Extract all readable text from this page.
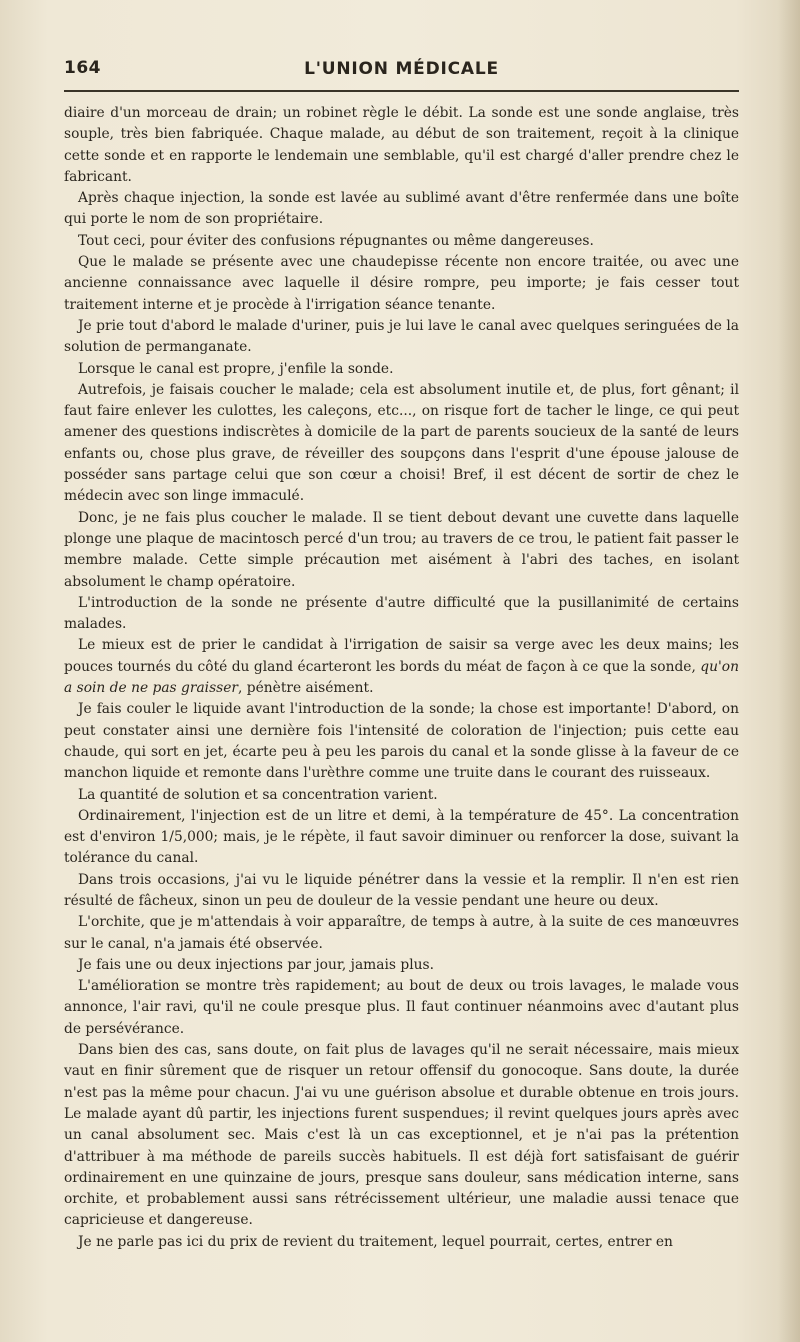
164	L'UNION MÉDICALE

diaire d'un morceau de drain; un robinet règle le débit. La sonde est une sonde anglaise, très souple, très bien fabriquée. Chaque malade, au début de son traitement, reçoit à la clinique cette sonde et en rapporte le lendemain une semblable, qu'il est chargé d'aller prendre chez le fabricant.

Après chaque injection, la sonde est lavée au sublimé avant d'être renfermée dans une boîte qui porte le nom de son propriétaire.

Tout ceci, pour éviter des confusions répugnantes ou même dangereuses.

Que le malade se présente avec une chaudepisse récente non encore traitée, ou avec une ancienne connaissance avec laquelle il désire rompre, peu importe; je fais cesser tout traitement interne et je procède à l'irrigation séance tenante.

Je prie tout d'abord le malade d'uriner, puis je lui lave le canal avec quelques seringuées de la solution de permanganate.

Lorsque le canal est propre, j'enfile la sonde.

Autrefois, je faisais coucher le malade; cela est absolument inutile et, de plus, fort gênant; il faut faire enlever les culottes, les caleçons, etc..., on risque fort de tacher le linge, ce qui peut amener des questions indiscrètes à domicile de la part de parents soucieux de la santé de leurs enfants ou, chose plus grave, de réveiller des soupçons dans l'esprit d'une épouse jalouse de posséder sans partage celui que son cœur a choisi! Bref, il est décent de sortir de chez le médecin avec son linge immaculé.

Donc, je ne fais plus coucher le malade. Il se tient debout devant une cuvette dans laquelle plonge une plaque de macintosch percé d'un trou; au travers de ce trou, le patient fait passer le membre malade. Cette simple précaution met aisément à l'abri des taches, en isolant absolument le champ opératoire.

L'introduction de la sonde ne présente d'autre difficulté que la pusillanimité de certains malades.

Le mieux est de prier le candidat à l'irrigation de saisir sa verge avec les deux mains; les pouces tournés du côté du gland écarteront les bords du méat de façon à ce que la sonde, qu'on a soin de ne pas graisser, pénètre aisément.

Je fais couler le liquide avant l'introduction de la sonde; la chose est importante! D'abord, on peut constater ainsi une dernière fois l'intensité de coloration de l'injection; puis cette eau chaude, qui sort en jet, écarte peu à peu les parois du canal et la sonde glisse à la faveur de ce manchon liquide et remonte dans l'urèthre comme une truite dans le courant des ruisseaux.

La quantité de solution et sa concentration varient.

Ordinairement, l'injection est de un litre et demi, à la température de 45°. La concentration est d'environ 1/5,000; mais, je le répète, il faut savoir diminuer ou renforcer la dose, suivant la tolérance du canal.

Dans trois occasions, j'ai vu le liquide pénétrer dans la vessie et la remplir. Il n'en est rien résulté de fâcheux, sinon un peu de douleur de la vessie pendant une heure ou deux.

L'orchite, que je m'attendais à voir apparaître, de temps à autre, à la suite de ces manœuvres sur le canal, n'a jamais été observée.

Je fais une ou deux injections par jour, jamais plus.

L'amélioration se montre très rapidement; au bout de deux ou trois lavages, le malade vous annonce, l'air ravi, qu'il ne coule presque plus. Il faut continuer néanmoins avec d'autant plus de persévérance.

Dans bien des cas, sans doute, on fait plus de lavages qu'il ne serait nécessaire, mais mieux vaut en finir sûrement que de risquer un retour offensif du gonocoque. Sans doute, la durée n'est pas la même pour chacun. J'ai vu une guérison absolue et durable obtenue en trois jours. Le malade ayant dû partir, les injections furent suspendues; il revint quelques jours après avec un canal absolument sec. Mais c'est là un cas exceptionnel, et je n'ai pas la prétention d'attribuer à ma méthode de pareils succès habituels. Il est déjà fort satisfaisant de guérir ordinairement en une quinzaine de jours, presque sans douleur, sans médication interne, sans orchite, et probablement aussi sans rétrécissement ultérieur, une maladie aussi tenace que capricieuse et dangereuse.

Je ne parle pas ici du prix de revient du traitement, lequel pourrait, certes, entrer en
